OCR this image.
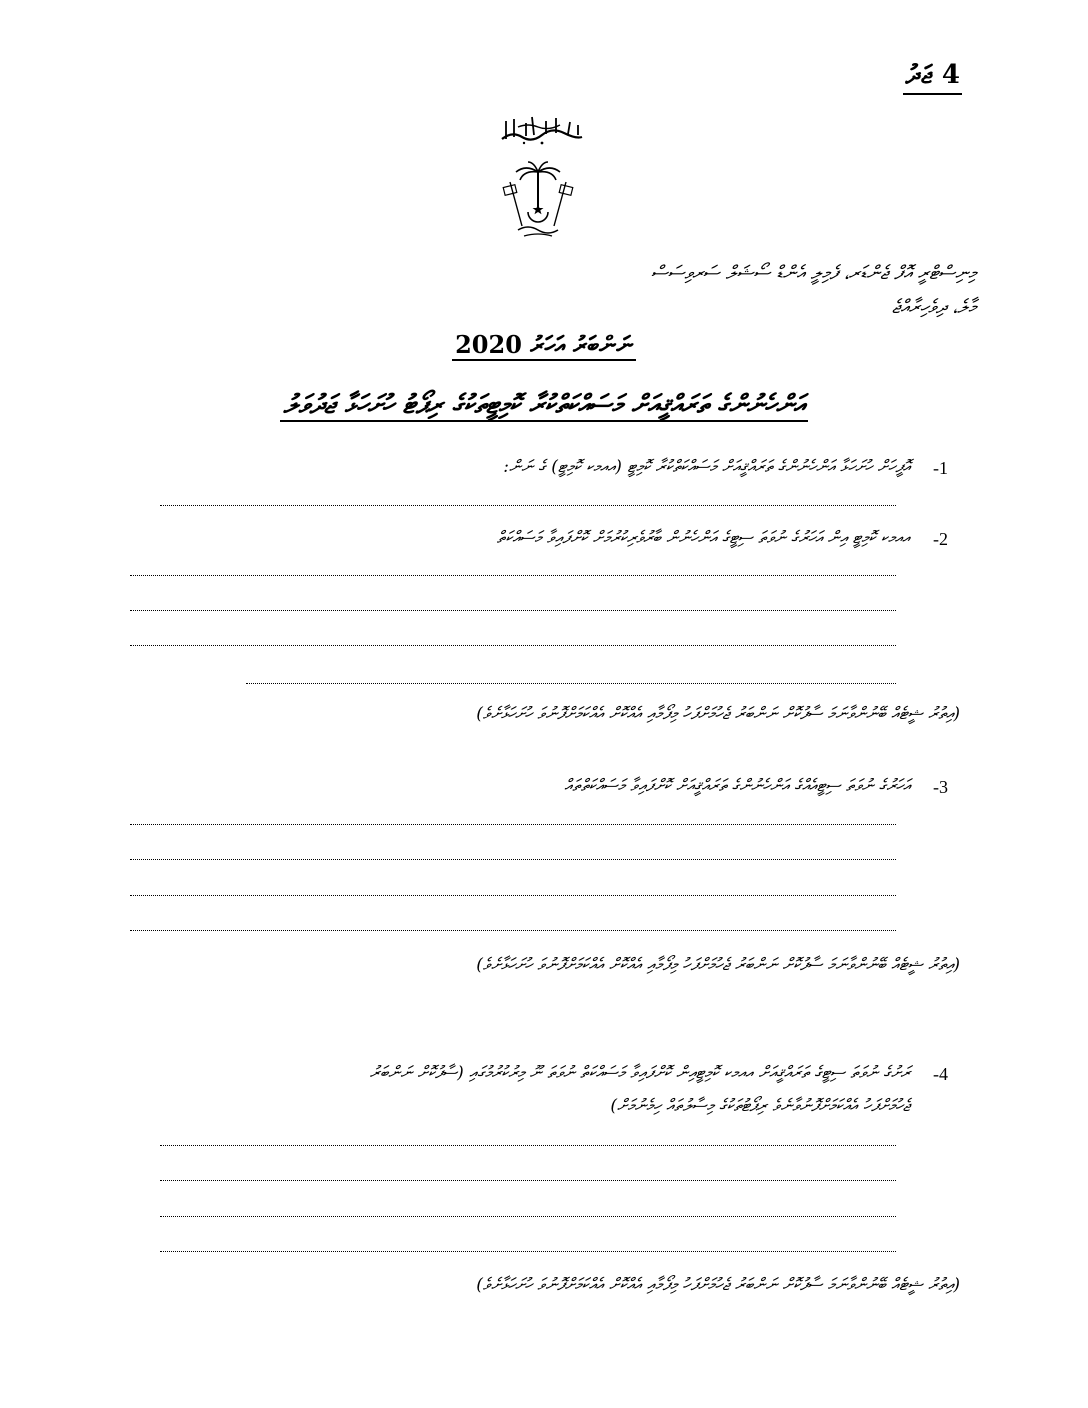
4 ޖަދު
މިނިސްޓްރީ އޮފް ޖެންޑަރ، ފެމިލީ އެންޑް ސޯޝަލް ސަރވިސަސް
މާލެ، ދިވެހިރާއްޖެ
ނަންބަރު އަހަރު 2020
އަންހެނުންގެ ތަރައްޤީއަށް މަސައްކަތްކުރާ ކޮމިޓީތަކުގެ ރިޕޯޓު ހުށަހަޅާ ޖަދުވަލު
-1
އޮފީހަށް ހުށަހަޅާ އަންހެނުންގެ ތަރައްޤީއަށް މަސައްކަތްކުރާ ކޮމިޓީ (އއމކ ކޮމިޓީ) ގެ ނަން:
-2
އއމކ ކޮމިޓީ އިން އަހަރުގެ ނުވަތަ ސިޓީގެ އަންހެނުން ބާރުވެރިކުރުމަށް ކޮށްފައިވާ މަސައްކަތް
(އިތުރު ޝީޓެއް ބޭނުންވާނަމަ ސާފުކޮށް ނަންބަރު ޖެހުމަށްފަހު މިފޯމާއި އެއްކޮށް އެއްކަމަށްފޮނުވަ ހުށަހަޅާށެވެ)
-3
އަހަރުގެ ނުވަތަ ސިޓީއެއްގެ އަންހެނުންގެ ތަރައްޤީއަށް ކޮށްފައިވާ މަސައްކަތްތައް
(އިތުރު ޝީޓެއް ބޭނުންވާނަމަ ސާފުކޮށް ނަންބަރު ޖެހުމަށްފަހު މިފޯމާއި އެއްކޮށް އެއްކަމަށްފޮނުވަ ހުށަހަޅާށެވެ)
-4
ރަށުގެ ނުވަތަ ސިޓީގެ ތަރައްޤީއަށް އއމކ ކޮމިޓީއިން ކޮށްފައިވާ މަސައްކަތް ނުވަތަ ނޫ މިރުކުރުމުގައި (ސާފުކޮށް ނަންބަރު
ޖެހުމަށްފަހު އެއްކަމަށްފޮނުވާނެވެ ރިޕޯޓުތަކުގެ މިސާލުތައް ހިމެނުމަށް)
(އިތުރު ޝީޓެއް ބޭނުންވާނަމަ ސާފުކޮށް ނަންބަރު ޖެހުމަށްފަހު މިފޯމާއި އެއްކޮށް އެއްކަމަށްފޮނުވަ ހުށަހަޅާށެވެ)
